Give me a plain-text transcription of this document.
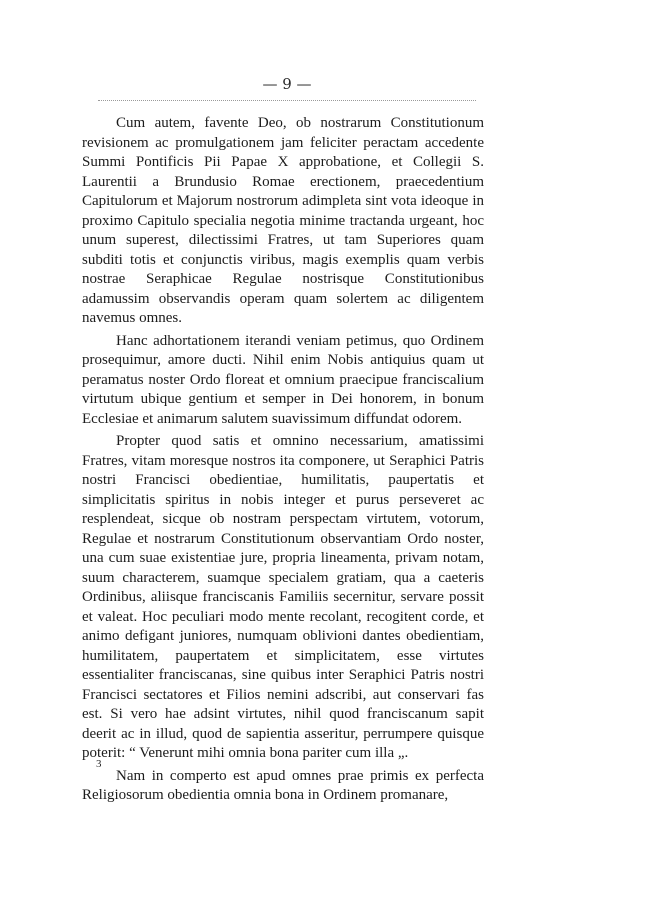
— 9 —

Cum autem, favente Deo, ob nostrarum Constitutionum revisionem ac promulgationem jam feliciter peractam accedente Summi Pontificis Pii Papae X approbatione, et Collegii S. Laurentii a Brundusio Romae erectionem, praecedentium Capitulorum et Majorum nostrorum adimpleta sint vota ideoque in proximo Capitulo specialia negotia minime tractanda urgeant, hoc unum superest, dilectissimi Fratres, ut tam Superiores quam subditi totis et conjunctis viribus, magis exemplis quam verbis nostrae Seraphicae Regulae nostrisque Constitutionibus adamussim observandis operam quam solertem ac diligentem navemus omnes.

Hanc adhortationem iterandi veniam petimus, quo Ordinem prosequimur, amore ducti. Nihil enim Nobis antiquius quam ut peramatus noster Ordo floreat et omnium praecipue franciscalium virtutum ubique gentium et semper in Dei honorem, in bonum Ecclesiae et animarum salutem suavissimum diffundat odorem.

Propter quod satis et omnino necessarium, amatissimi Fratres, vitam moresque nostros ita componere, ut Seraphici Patris nostri Francisci obedientiae, humilitatis, paupertatis et simplicitatis spiritus in nobis integer et purus perseveret ac resplendeat, sicque ob nostram perspectam virtutem, votorum, Regulae et nostrarum Constitutionum observantiam Ordo noster, una cum suae existentiae jure, propria lineamenta, privam notam, suum characterem, suamque specialem gratiam, qua a caeteris Ordinibus, aliisque franciscanis Familiis secernitur, servare possit et valeat. Hoc peculiari modo mente recolant, recogitent corde, et animo defigant juniores, numquam oblivioni dantes obedientiam, humilitatem, paupertatem et simplicitatem, esse virtutes essentialiter franciscanas, sine quibus inter Seraphici Patris nostri Francisci sectatores et Filios nemini adscribi, aut conservari fas est. Si vero hae adsint virtutes, nihil quod franciscanum sapit deerit ac in illud, quod de sapientia asseritur, perrumpere quisque poterit: “ Venerunt mihi omnia bona pariter cum illa „.

Nam in comperto est apud omnes prae primis ex perfecta Religiosorum obedientia omnia bona in Ordinem promanare,

3
